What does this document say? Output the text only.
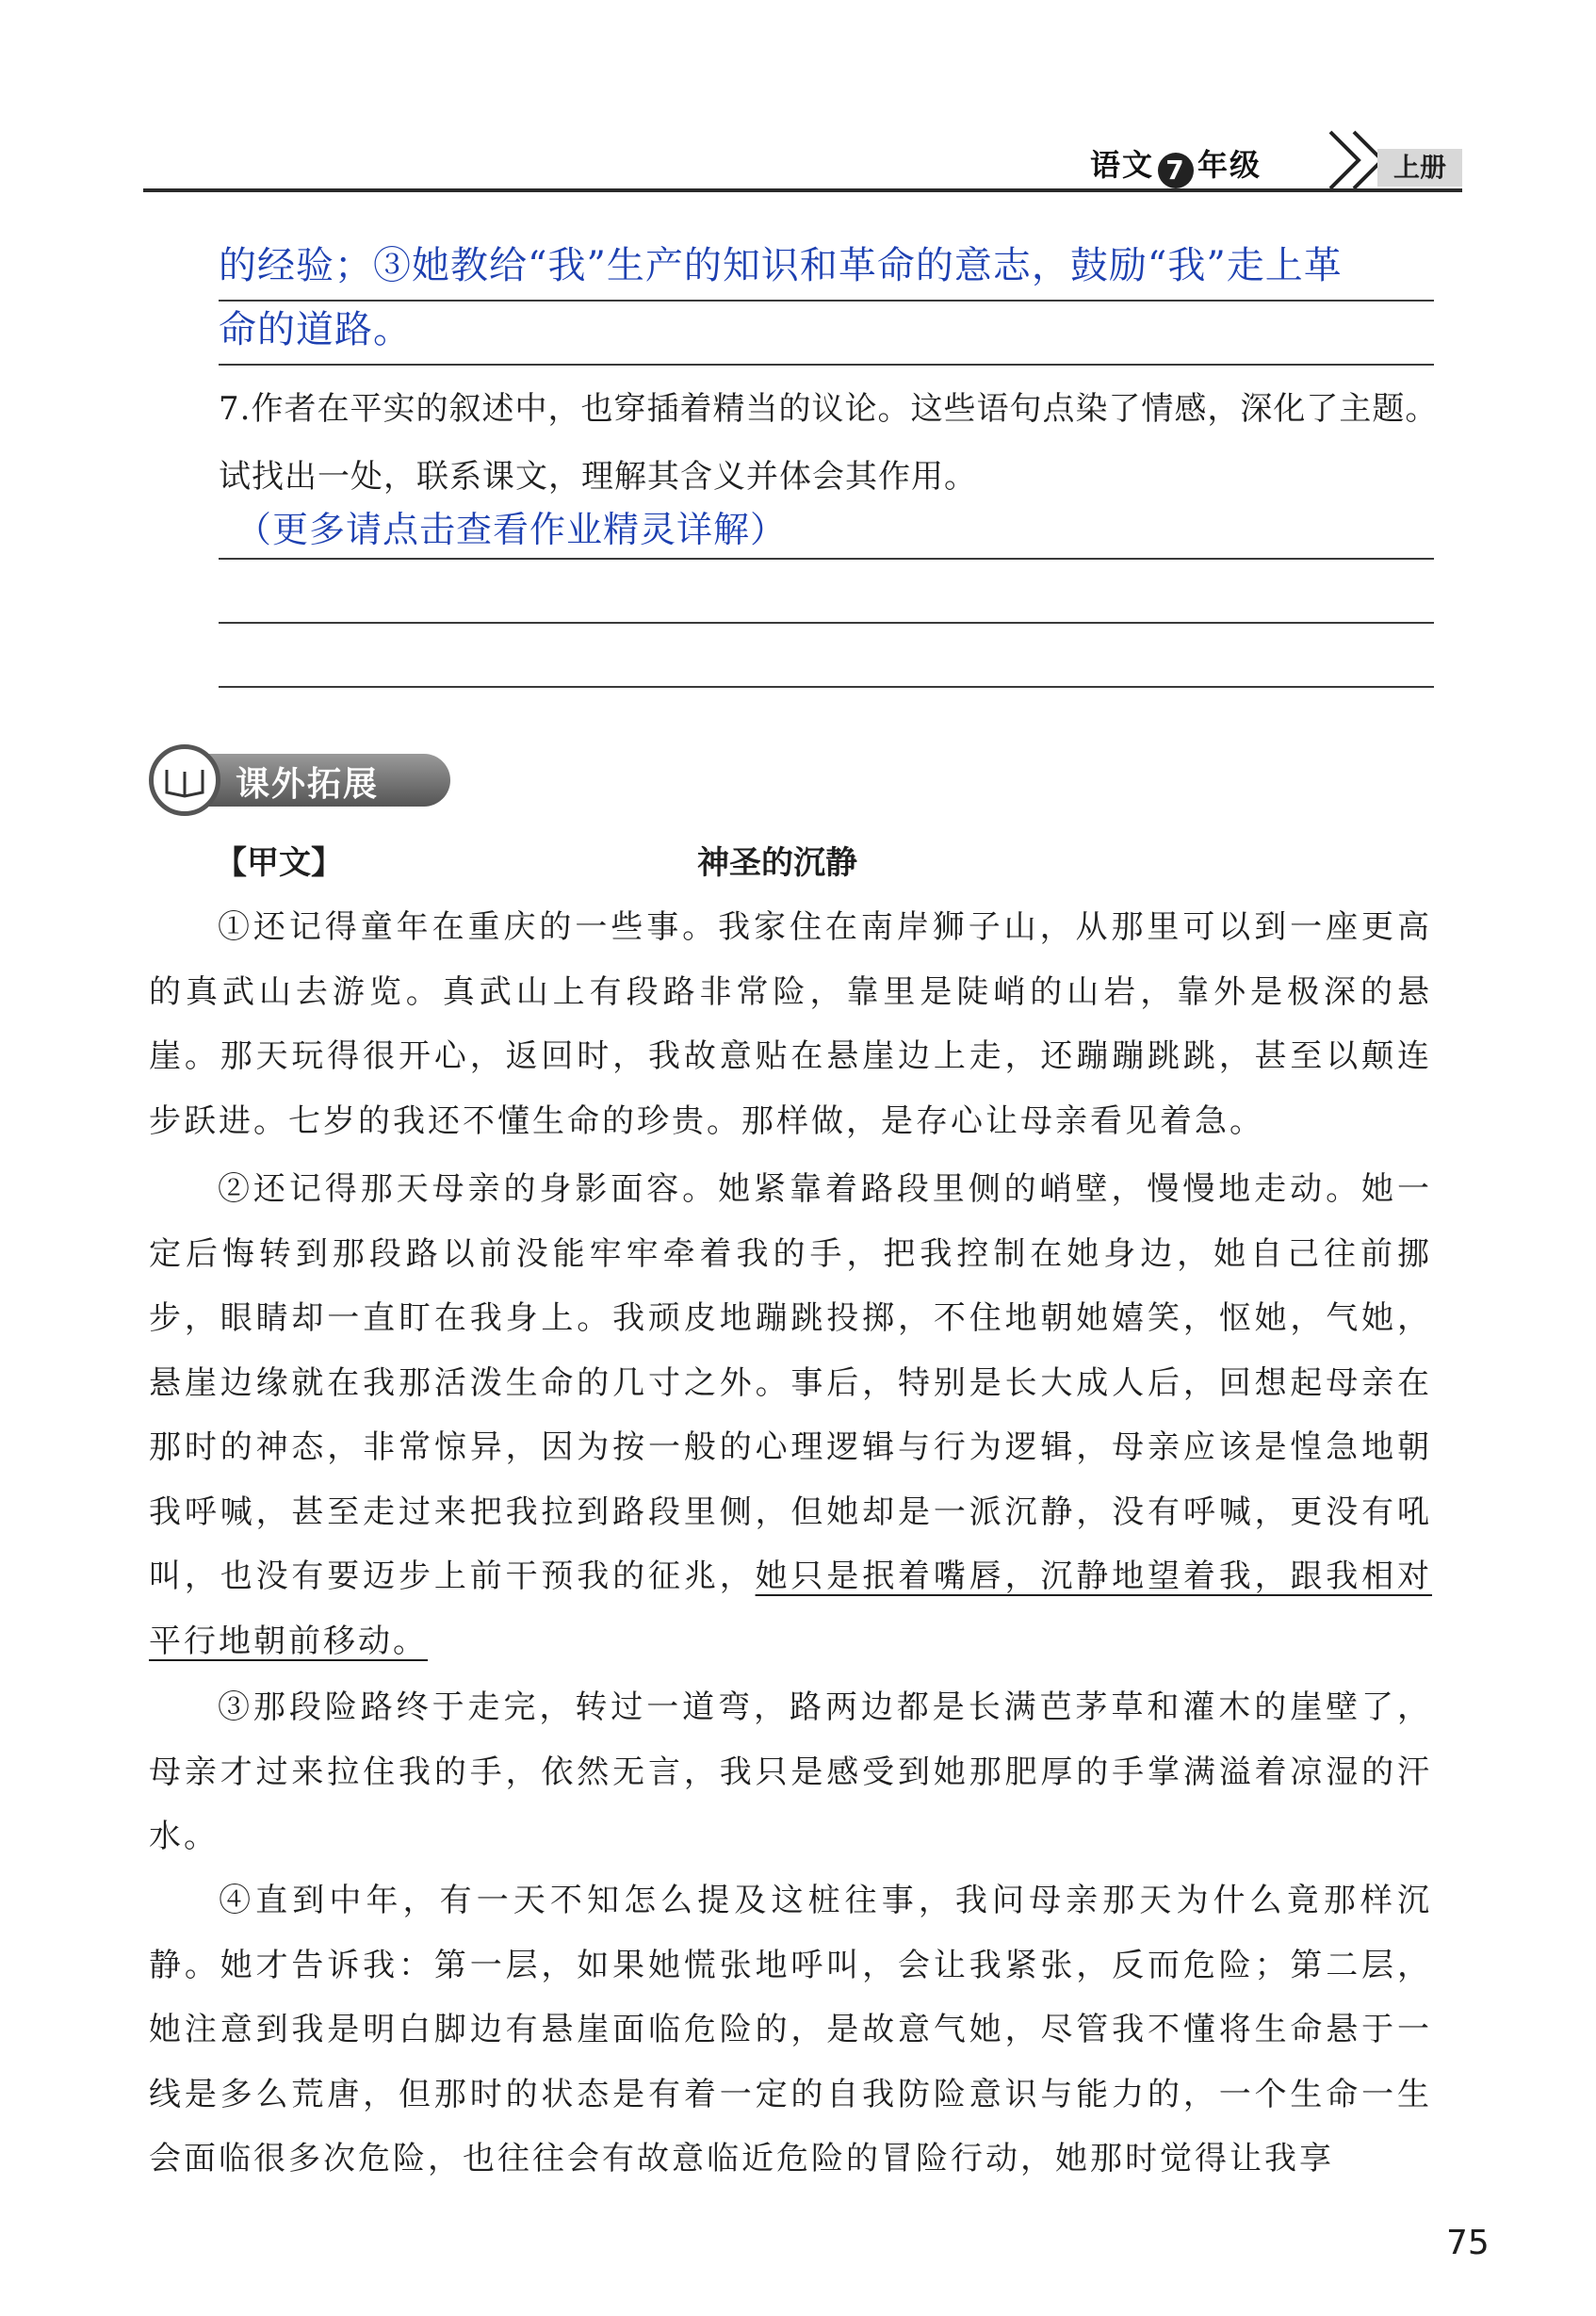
语文 7 年级	上册
的经验；③她教给“我”生产的知识和革命的意志，鼓励“我”走上革
命的道路。
7.作者在平实的叙述中，也穿插着精当的议论。这些语句点染了情感，深化了主题。试找出一处，联系课文，理解其含义并体会其作用。
（更多请点击查看作业精灵详解）
课外拓展
【甲文】	神圣的沉静

①还记得童年在重庆的一些事。我家住在南岸狮子山，从那里可以到一座更高的真武山去游览。真武山上有段路非常险，靠里是陡峭的山岩，靠外是极深的悬崖。那天玩得很开心，返回时，我故意贴在悬崖边上走，还蹦蹦跳跳，甚至以颠连步跃进。七岁的我还不懂生命的珍贵。那样做，是存心让母亲看见着急。

②还记得那天母亲的身影面容。她紧靠着路段里侧的峭壁，慢慢地走动。她一定后悔转到那段路以前没能牢牢牵着我的手，把我控制在她身边，她自己往前挪步，眼睛却一直盯在我身上。我顽皮地蹦跳投掷，不住地朝她嬉笑，怄她，气她，悬崖边缘就在我那活泼生命的几寸之外。事后，特别是长大成人后，回想起母亲在那时的神态，非常惊异，因为按一般的心理逻辑与行为逻辑，母亲应该是惶急地朝我呼喊，甚至走过来把我拉到路段里侧，但她却是一派沉静，没有呼喊，更没有吼叫，也没有要迈步上前干预我的征兆，她只是抿着嘴唇，沉静地望着我，跟我相对平行地朝前移动。

③那段险路终于走完，转过一道弯，路两边都是长满芭茅草和灌木的崖壁了，母亲才过来拉住我的手，依然无言，我只是感受到她那肥厚的手掌满溢着凉湿的汗水。

④直到中年，有一天不知怎么提及这桩往事，我问母亲那天为什么竟那样沉静。她才告诉我：第一层，如果她慌张地呼叫，会让我紧张，反而危险；第二层，她注意到我是明白脚边有悬崖面临危险的，是故意气她，尽管我不懂将生命悬于一线是多么荒唐，但那时的状态是有着一定的自我防险意识与能力的，一个生命一生会面临很多次危险，也往往会有故意临近危险的冒险行动，她那时觉得让我享

75
